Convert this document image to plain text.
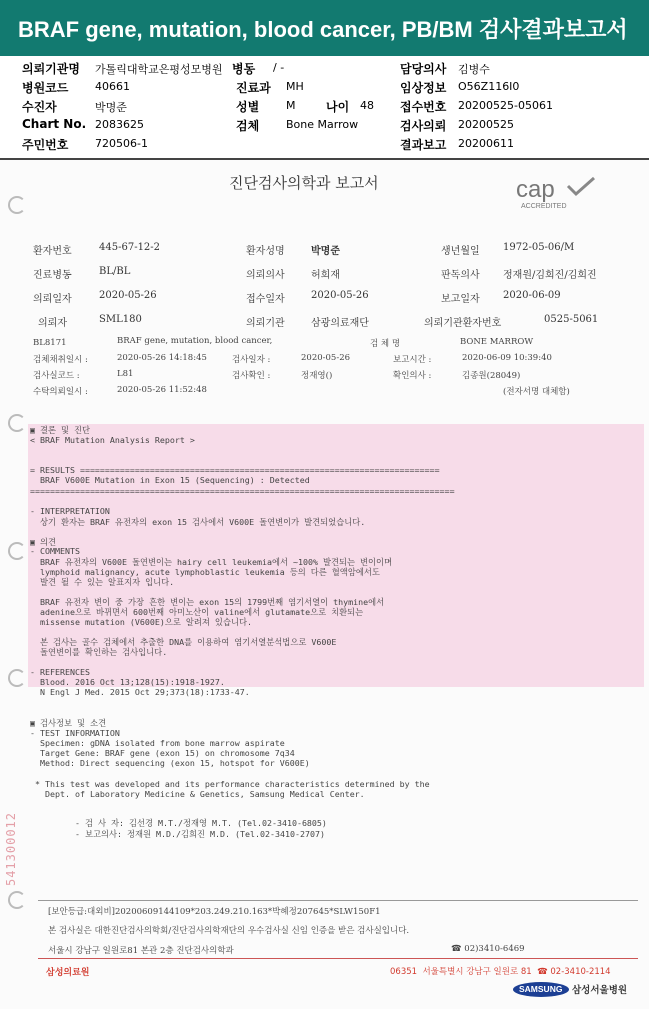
BRAF gene, mutation, blood cancer, PB/BM 검사결과보고서
의뢰기관명 가톨릭대학교은평성모병원 병동 / -	담당의사 김병수
병원코드 40661	진료과 MH	임상정보 O56Z116I0
수진자	박명준	성별 M	나이 48 접수번호 20200525-05061
Chart No. 2083625	검체 Bone Marrow	검사의뢰 20200525
주민번호 720506-1	결과보고 20200611
진단검사의학과 보고서

	cap

ACCREDITED

환자번호	445-67-12-2	환자성명	박명준	생년월일 1972-05-06/M
진료병동	BL/BL	의뢰의사	허희재	판독의사 정재원/김희진/김희진
의뢰일자	2020-05-26	접수일자	2020-05-26	보고일자 2020-06-09
의뢰자	SML180	의뢰기관	삼광의료재단	의뢰기관환자번호	0525-5061
BL8171	BRAF gene, mutation, blood cancer,	검 체 명	BONE MARROW
검체채취일시 :	2020-05-26 14:18:45	검사일자 :	2020-05-26	보고시간 :	2020-06-09 10:39:40
검사실코드 :	L81	검사확인 :	정재영()	확인의사 :	김종원(28049)
수탁의뢰일시 :	2020-05-26 11:52:48	(전자서명 대체함)
▣ 결론 및 진단
< BRAF Mutation Analysis Report >
= RESULTS ========================================================================
BRAF V600E Mutation in Exon 15 (Sequencing) : Detected
=====================================================================================
- INTERPRETATION
상기 환자는 BRAF 유전자의 exon 15 검사에서 V600E 돌연변이가 발견되었습니다.
▣ 의견
- COMMENTS
BRAF 유전자의 V600E 돌연변이는 hairy cell leukemia에서 ~100% 발견되는 변이이며
lymphoid malignancy, acute lymphoblastic leukemia 등의 다른 혈액암에서도
발견 될 수 있는 알표지자 입니다.
BRAF 유전자 변이 중 가장 흔한 변이는 exon 15의 1799번째 염기서열이 thymine에서
adenine으로 바뀌면서 600번째 아미노산이 valine에서 glutamate으로 치환되는
missense mutation (V600E)으로 알려져 있습니다.
본 검사는 골수 검체에서 추출한 DNA를 이용하여 염기서열분석법으로 V600E
돌연변이를 확인하는 검사입니다.
- REFERENCES
Blood. 2016 Oct 13;128(15):1918-1927.
N Engl J Med. 2015 Oct 29;373(18):1733-47.
▣ 검사정보 및 소견
- TEST INFORMATION
Specimen: gDNA isolated from bone marrow aspirate
Target Gene: BRAF gene (exon 15) on chromosome 7q34
Method: Direct sequencing (exon 15, hotspot for V600E)
* This test was developed and its performance characteristics determined by the
Dept. of Laboratory Medicine & Genetics, Samsung Medical Center.
- 검 사 자: 김선경 M.T./정재영 M.T. (Tel.02-3410-6805)
- 보고의사: 정재원 M.D./김희진 M.D. (Tel.02-3410-2707)
541300012
[보안등급:대외비]20200609144109*203.249.210.163*박혜정207645*SLW150F1
본 검사실은 대한진단검사의학회/진단검사의학재단의 우수검사실 신임 인증을 받은 검사실입니다.
서울시 강남구 일원로81 본관 2층 진단검사의학과	☎ 02)3410-6469
삼성의료원	06351  서울특별시 강남구 일원로 81  ☎ 02-3410-2114

SAMSUNG 삼성서울병원
